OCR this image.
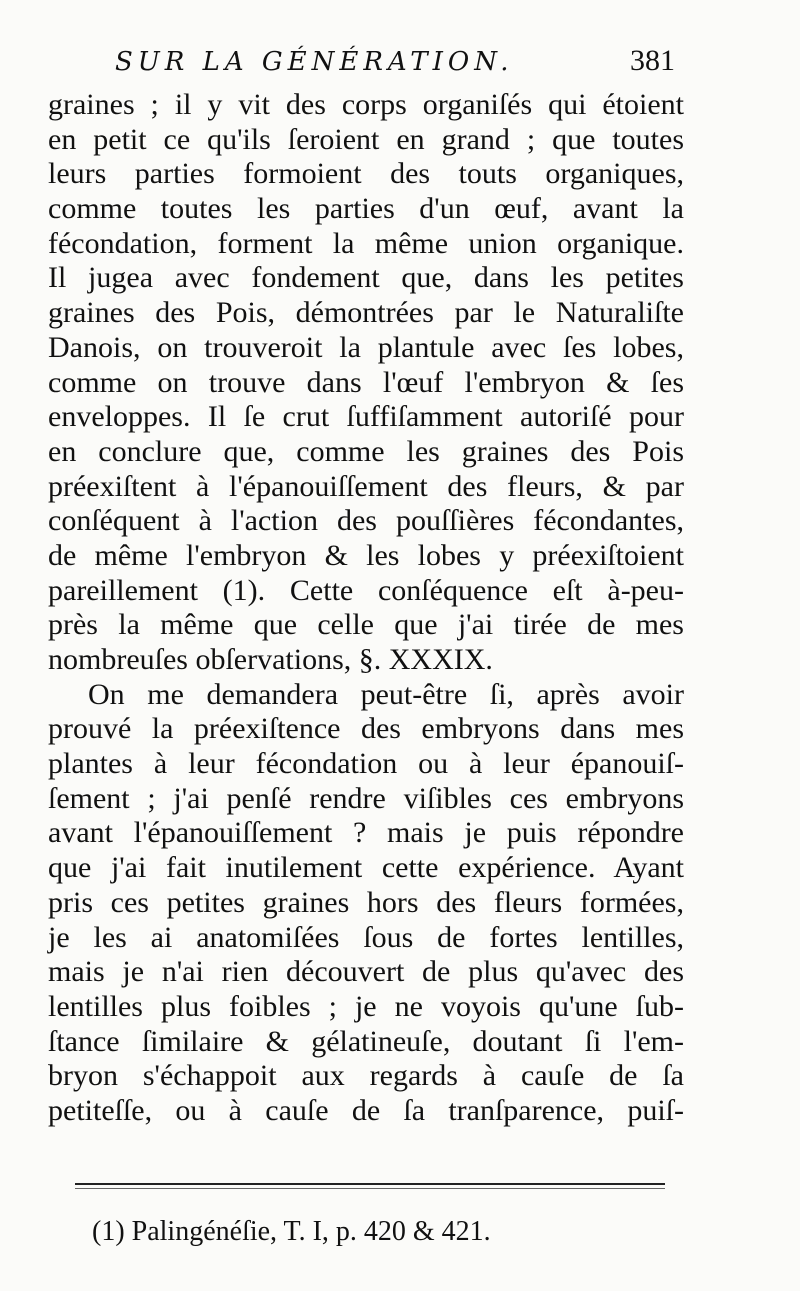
SUR LA GÉNÉRATION.	381
graines ; il y vit des corps organiſés qui étoient
en petit ce qu'ils ſeroient en grand ; que toutes
leurs parties formoient des touts organiques,
comme toutes les parties d'un œuf, avant la
fécondation, forment la même union organique.
Il jugea avec fondement que, dans les petites
graines des Pois, démontrées par le Naturaliſte
Danois, on trouveroit la plantule avec ſes lobes,
comme on trouve dans l'œuf l'embryon & ſes
enveloppes. Il ſe crut ſuffiſamment autoriſé pour
en conclure que, comme les graines des Pois
préexiſtent à l'épanouiſſement des fleurs, & par
conſéquent à l'action des pouſſières fécondantes,
de même l'embryon & les lobes y préexiſtoient
pareillement (1). Cette conſéquence eſt à-peu-
près la même que celle que j'ai tirée de mes
nombreuſes obſervations, §. XXXIX.
On me demandera peut-être ſi, après avoir
prouvé la préexiſtence des embryons dans mes
plantes à leur fécondation ou à leur épanouiſ-
ſement ; j'ai penſé rendre viſibles ces embryons
avant l'épanouiſſement ? mais je puis répondre
que j'ai fait inutilement cette expérience. Ayant
pris ces petites graines hors des fleurs formées,
je les ai anatomiſées ſous de fortes lentilles,
mais je n'ai rien découvert de plus qu'avec des
lentilles plus foibles ; je ne voyois qu'une ſub-
ſtance ſimilaire & gélatineuſe, doutant ſi l'em-
bryon s'échappoit aux regards à cauſe de ſa
petiteſſe, ou à cauſe de ſa tranſparence, puiſ-
(1) Palingénéſie, T. I, p. 420 & 421.
